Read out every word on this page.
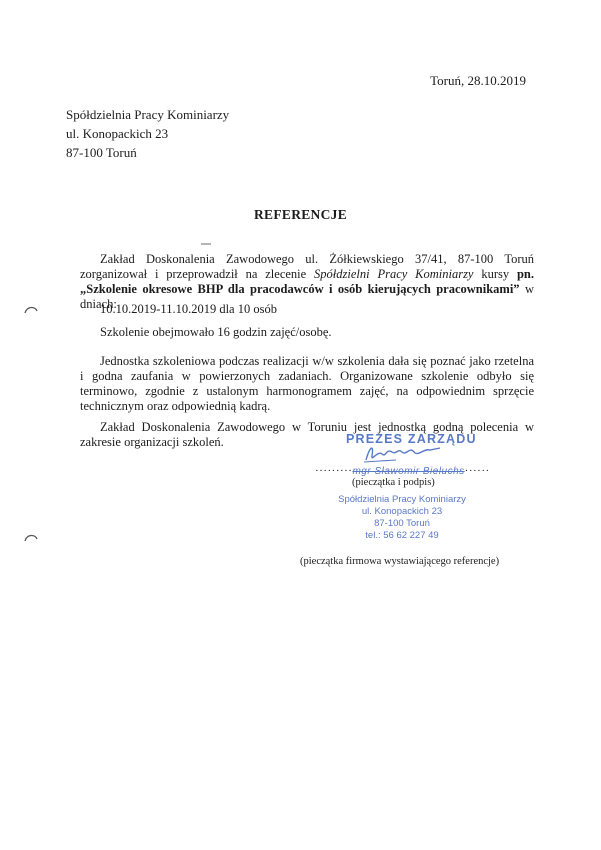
Toruń, 28.10.2019
Spółdzielnia Pracy Kominiarzy
ul. Konopackich 23
87-100 Toruń
REFERENCJE
Zakład Doskonalenia Zawodowego ul. Żółkiewskiego 37/41, 87-100 Toruń
zorganizował i przeprowadził na zlecenie Spółdzielni Pracy Kominiarzy kursy pn. „Szkolenie okresowe BHP dla pracodawców i osób kierujących pracownikami” w dniach:
10.10.2019-11.10.2019 dla 10 osób
Szkolenie obejmowało 16 godzin zajęć/osobę.
Jednostka szkoleniowa podczas realizacji w/w szkolenia dała się poznać jako rzetelna i godna zaufania w powierzonych zadaniach. Organizowane szkolenie odbyło się terminowo, zgodnie z ustalonym harmonogramem zajęć, na odpowiednim sprzęcie technicznym oraz odpowiednią kadrą.
Zakład Doskonalenia Zawodowego w Toruniu jest jednostką godną polecenia w zakresie organizacji szkoleń.	PREZES ZARZĄDU
·········mgr Sławomir Bieluchs······
(pieczątka i podpis)
Spółdzielnia Pracy Kominiarzy
ul. Konopackich 23
87-100 Toruń
tel.: 56 62 227 49
(pieczątka firmowa wystawiającego referencje)
